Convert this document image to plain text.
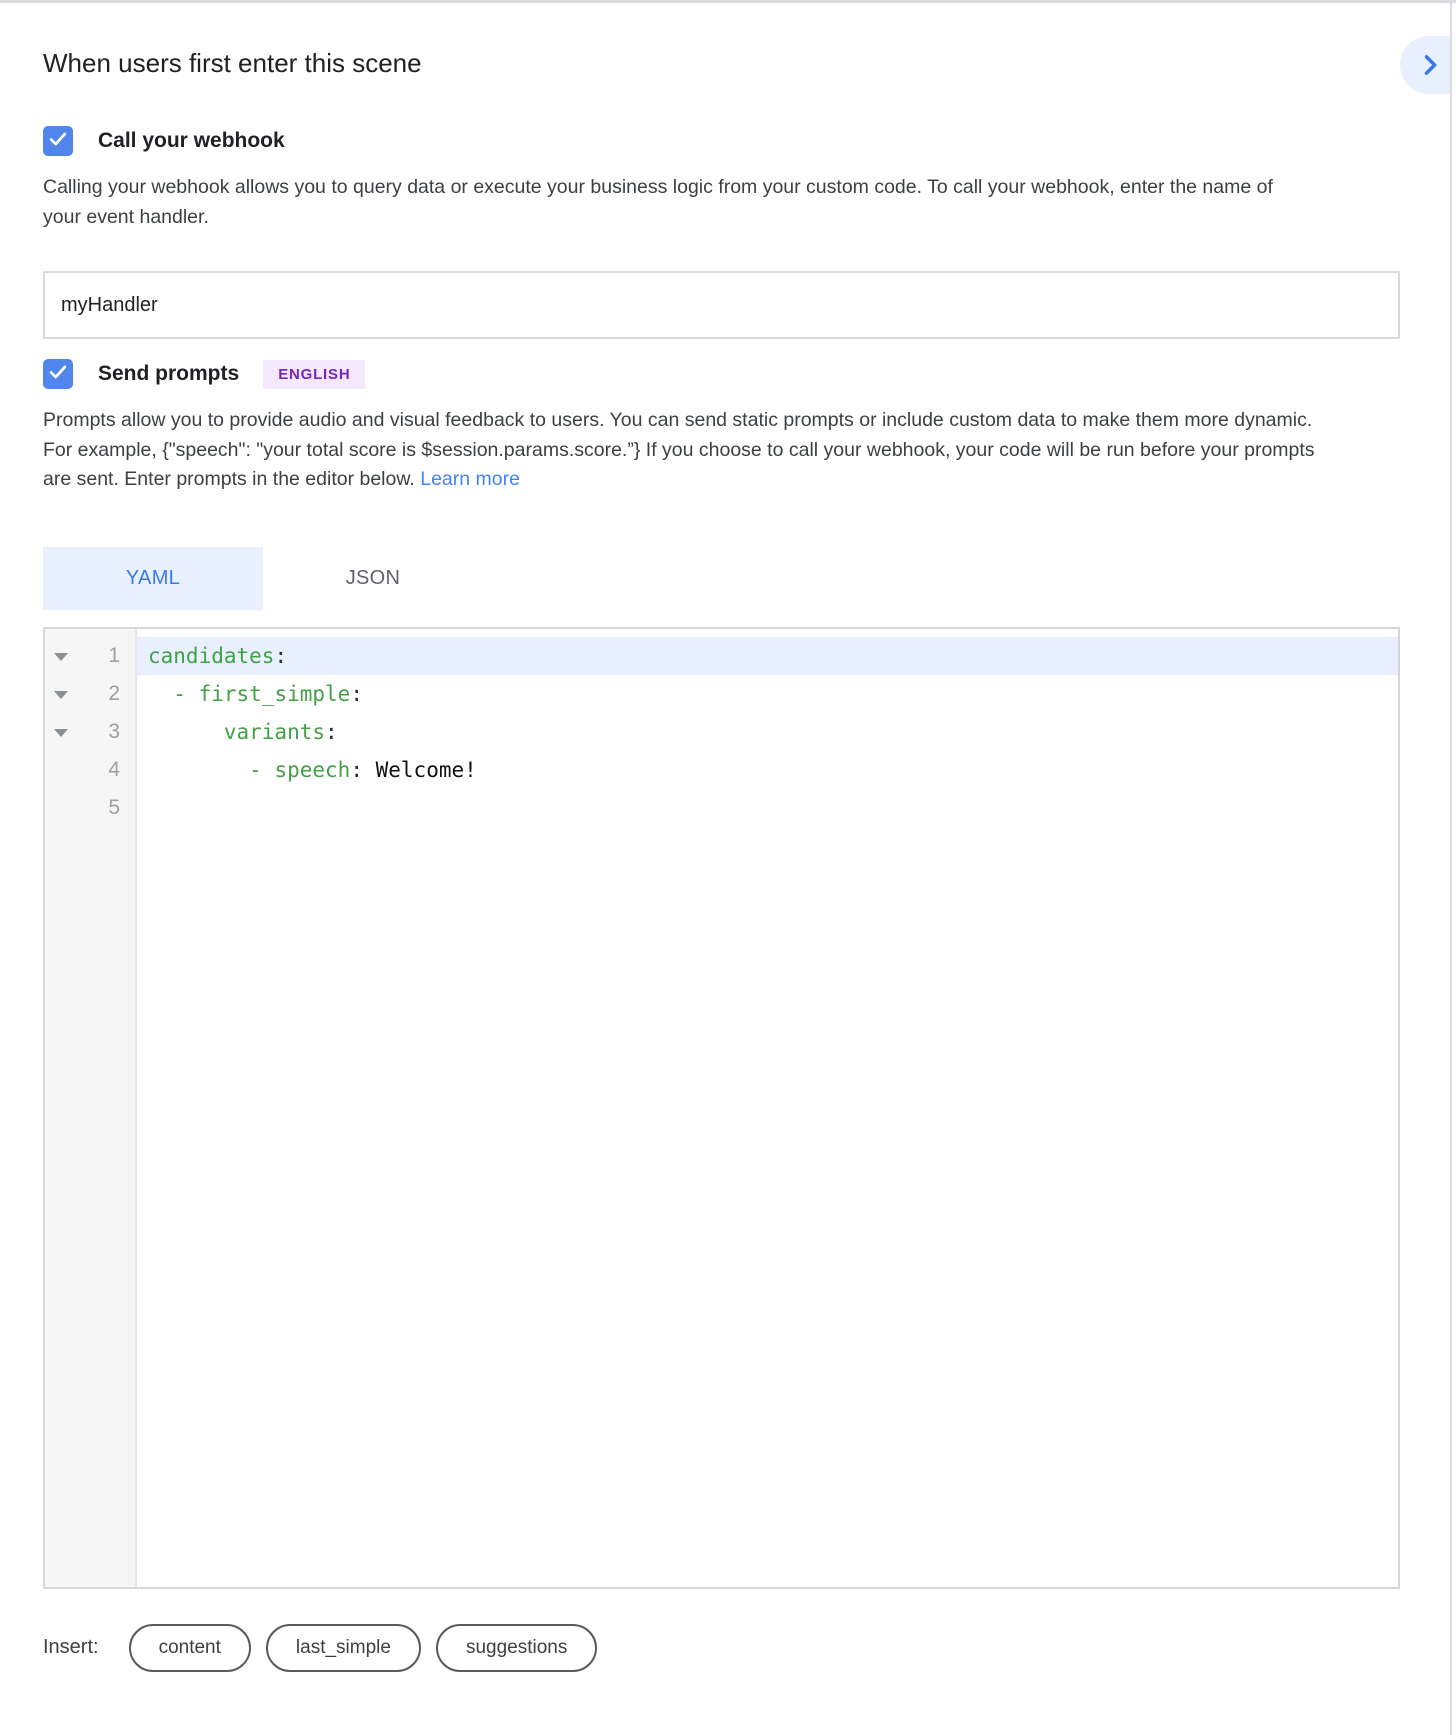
When users first enter this scene
Call your webhook

Calling your webhook allows you to query data or execute your business logic from your custom code. To call your webhook, enter the name of your event handler.

myHandler
Send prompts	ENGLISH

Prompts allow you to provide audio and visual feedback to users. You can send static prompts or include custom data to make them more dynamic. For example, {"speech": "your total score is $session.params.score.”} If you choose to call your webhook, your code will be run before your prompts are sent. Enter prompts in the editor below. Learn more

YAML	JSON
1
2
3
4
5
candidates :

-
first_simple :

variants :

-
speech : Welcome!
Insert:	content	last_simple	suggestions
